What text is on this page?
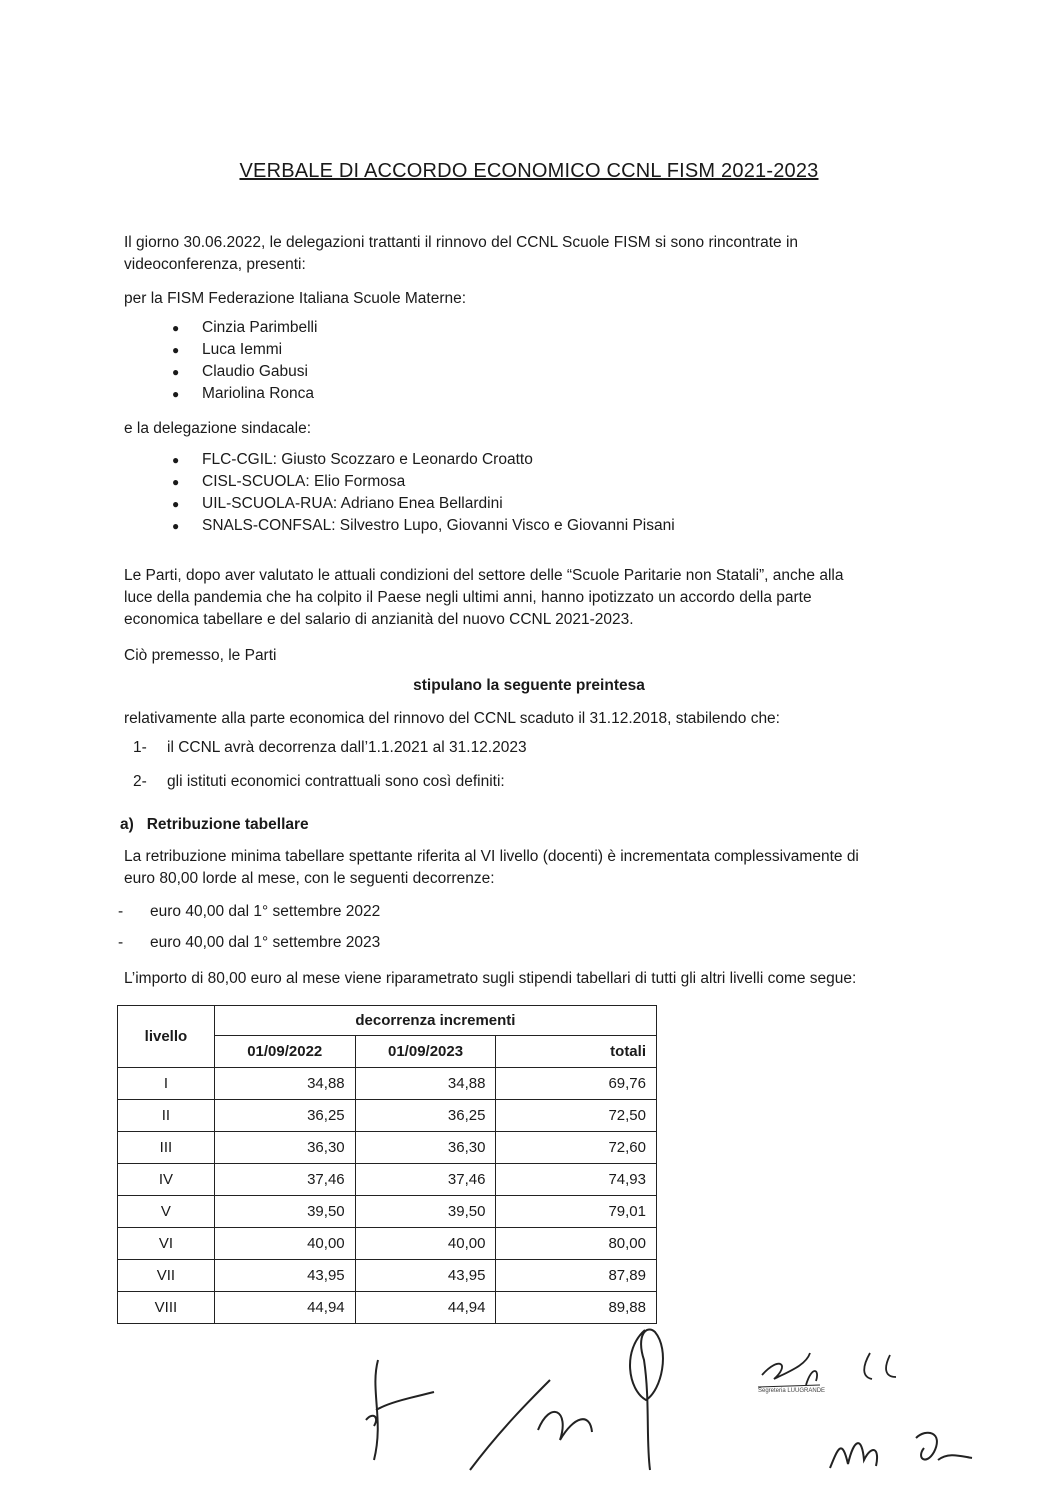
VERBALE DI ACCORDO ECONOMICO CCNL FISM 2021-2023
Il giorno 30.06.2022, le delegazioni trattanti il rinnovo del CCNL Scuole FISM si sono rincontrate in
videoconferenza, presenti:
per la FISM Federazione Italiana Scuole Materne:
● Cinzia Parimbelli
● Luca Iemmi
● Claudio Gabusi
● Mariolina Ronca
e la delegazione sindacale:
● FLC-CGIL: Giusto Scozzaro e Leonardo Croatto
● CISL-SCUOLA: Elio Formosa
● UIL-SCUOLA-RUA: Adriano Enea Bellardini
● SNALS-CONFSAL: Silvestro Lupo, Giovanni Visco e Giovanni Pisani
Le Parti, dopo aver valutato le attuali condizioni del settore delle “Scuole Paritarie non Statali”, anche alla
luce della pandemia che ha colpito il Paese negli ultimi anni, hanno ipotizzato un accordo della parte
economica tabellare e del salario di anzianità del nuovo CCNL 2021-2023.
Ciò premesso, le Parti
stipulano la seguente preintesa
relativamente alla parte economica del rinnovo del CCNL scaduto il 31.12.2018, stabilendo che:
1- il CCNL avrà decorrenza dall’1.1.2021 al 31.12.2023
2- gli istituti economici contrattuali sono così definiti:
a) Retribuzione tabellare
La retribuzione minima tabellare spettante riferita al VI livello (docenti) è incrementata complessivamente di
euro 80,00 lorde al mese, con le seguenti decorrenze:
- euro 40,00 dal 1° settembre 2022
- euro 40,00 dal 1° settembre 2023
L’importo di 80,00 euro al mese viene riparametrato sugli stipendi tabellari di tutti gli altri livelli come segue:
livello	decorrenza incrementi		
	01/09/2022	01/09/2023	totali
I	34,88	34,88	69,76
II	36,25	36,25	72,50
III	36,30	36,30	72,60
IV	37,46	37,46	74,93
V	39,50	39,50	79,01
VI	40,00	40,00	80,00
VII	43,95	43,95	87,89
VIII	44,94	44,94	89,88
Segreteria LUUGRANDE
